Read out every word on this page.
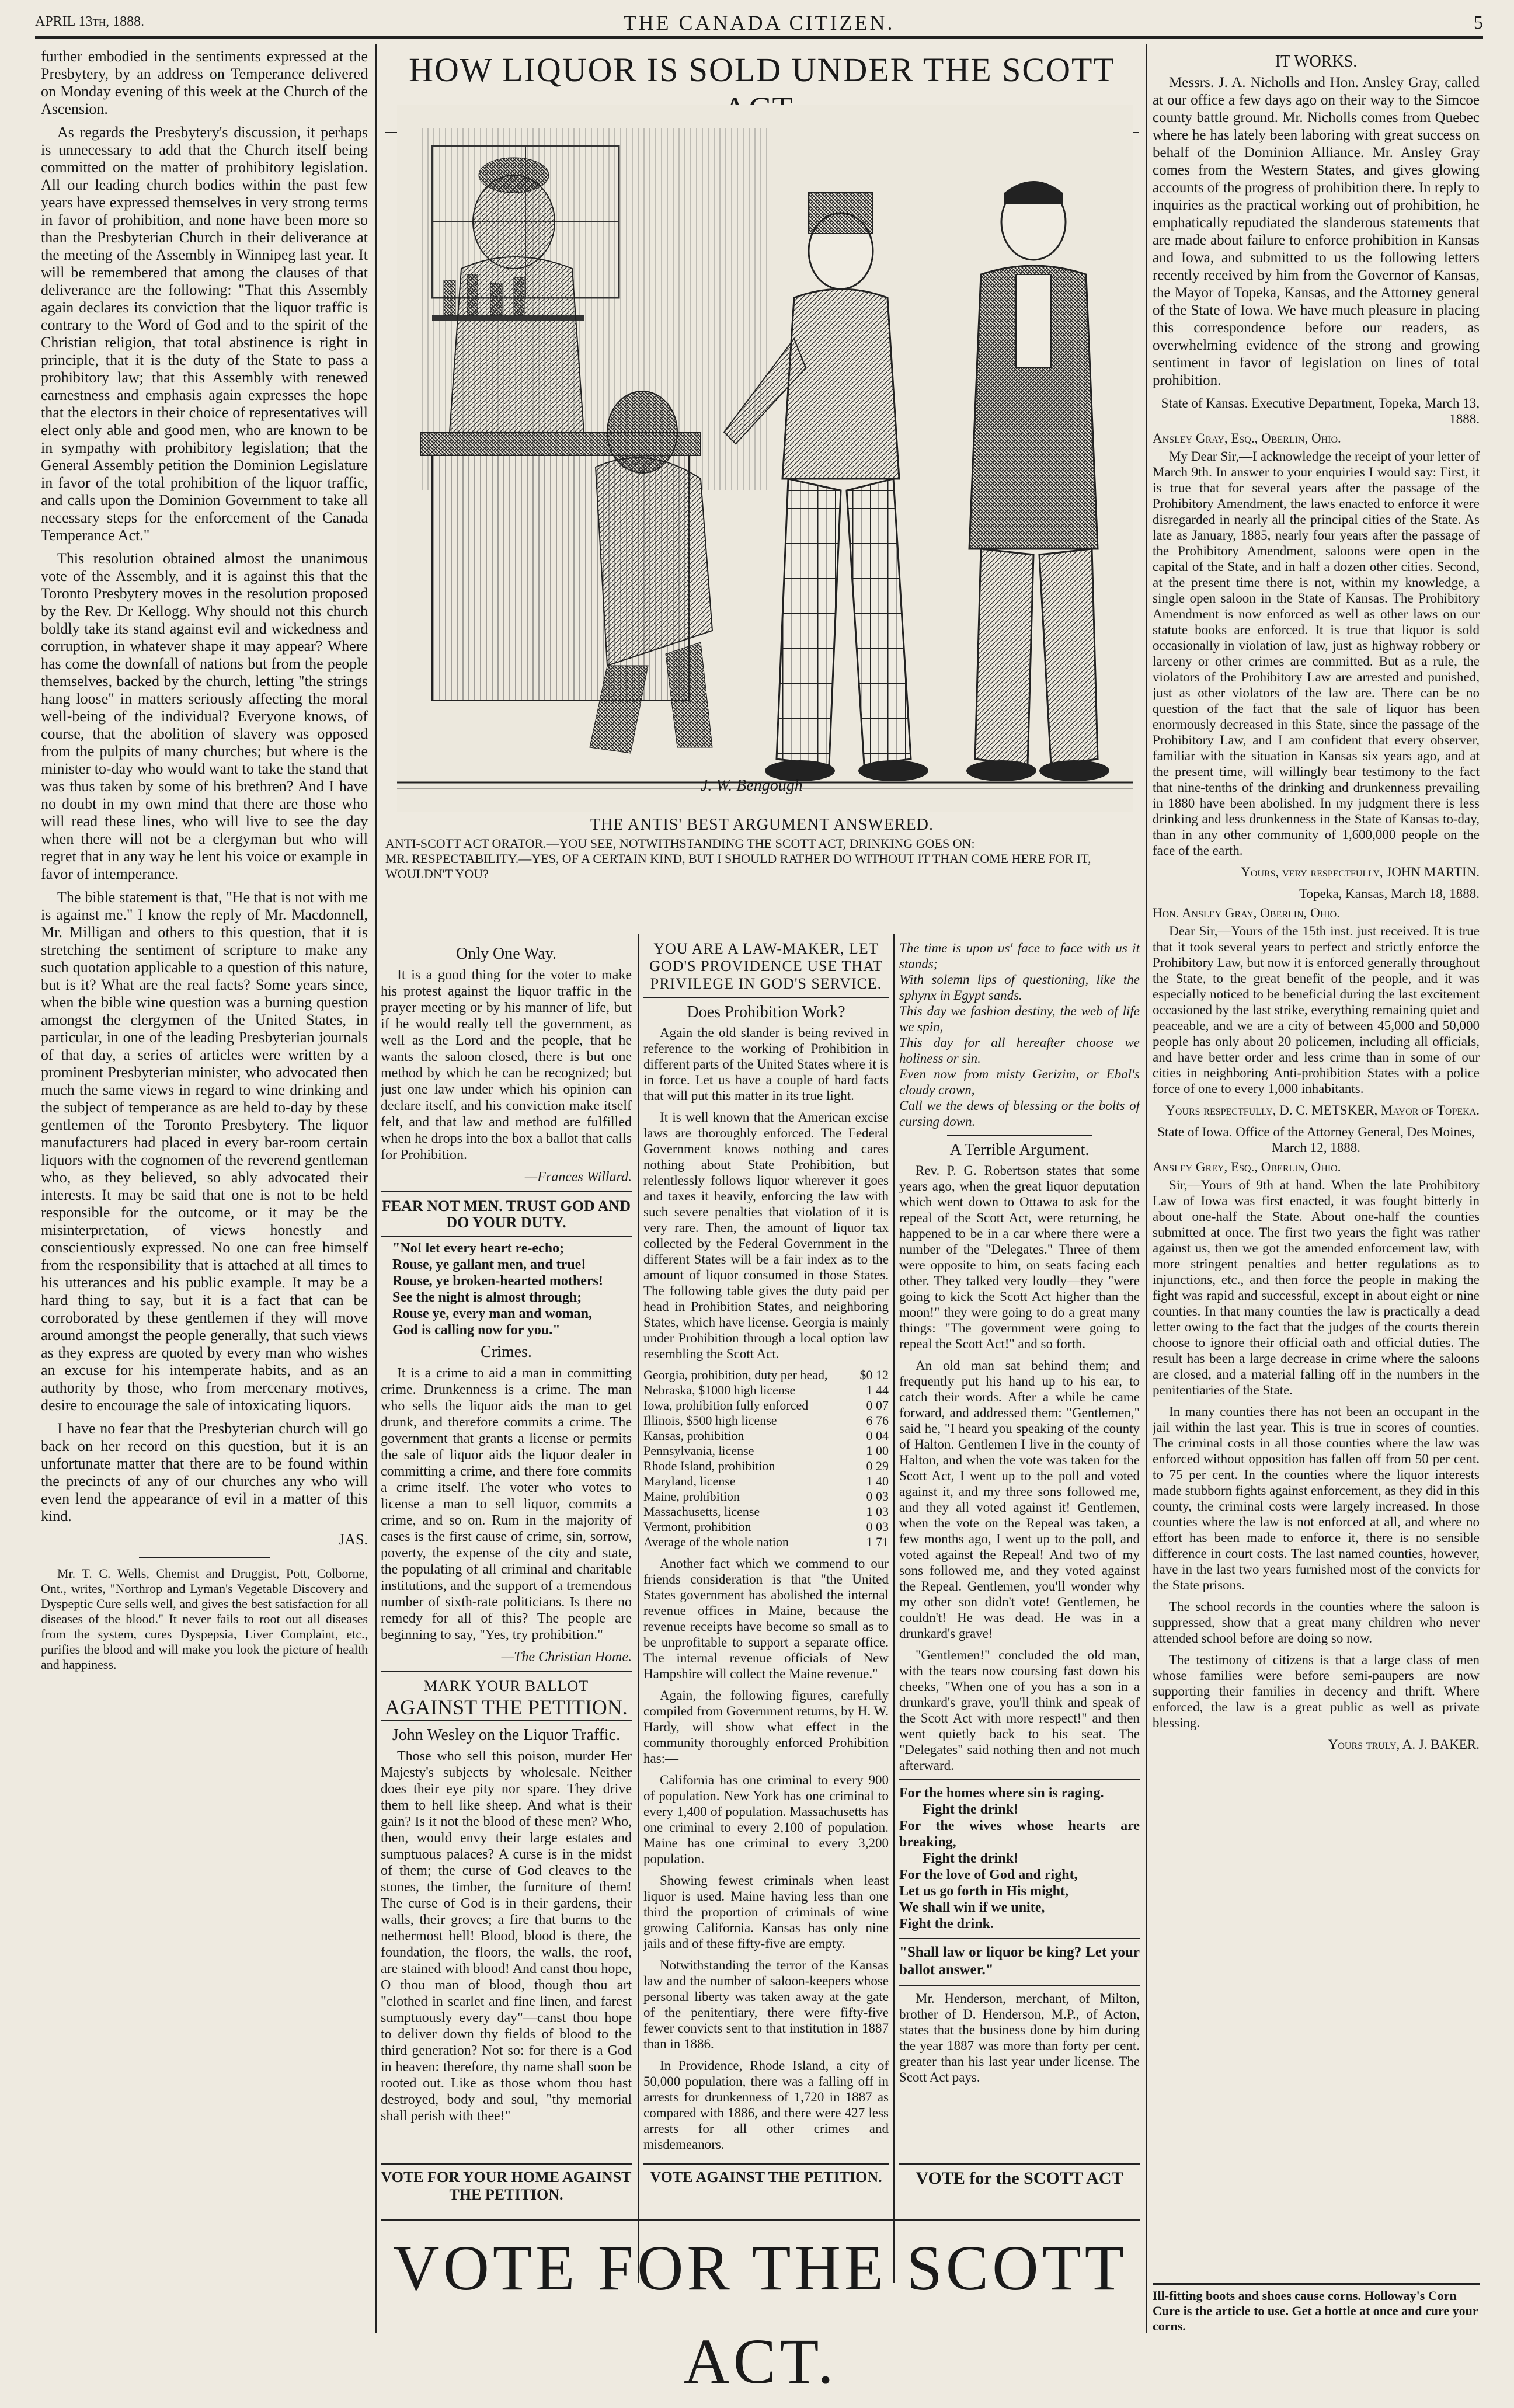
APRIL 13th, 1888.	THE CANADA CITIZEN.	5

further embodied in the sentiments expressed at the Presbytery, by an address on Temperance delivered on Monday evening of this week at the Church of the Ascension.

As regards the Presbytery's discussion, it perhaps is unnecessary to add that the Church itself being committed on the matter of prohibitory legislation. All our leading church bodies within the past few years have expressed themselves in very strong terms in favor of prohibition, and none have been more so than the Presbyterian Church in their deliverance at the meeting of the Assembly in Winnipeg last year. It will be remembered that among the clauses of that deliverance are the following: "That this Assembly again declares its conviction that the liquor traffic is contrary to the Word of God and to the spirit of the Christian religion, that total abstinence is right in principle, that it is the duty of the State to pass a prohibitory law; that this Assembly with renewed earnestness and emphasis again expresses the hope that the electors in their choice of representatives will elect only able and good men, who are known to be in sympathy with prohibitory legislation; that the General Assembly petition the Dominion Legislature in favor of the total prohibition of the liquor traffic, and calls upon the Dominion Government to take all necessary steps for the enforcement of the Canada Temperance Act."

This resolution obtained almost the unanimous vote of the Assembly, and it is against this that the Toronto Presbytery moves in the resolution proposed by the Rev. Dr Kellogg. Why should not this church boldly take its stand against evil and wickedness and corruption, in whatever shape it may appear? Where has come the downfall of nations but from the people themselves, backed by the church, letting "the strings hang loose" in matters seriously affecting the moral well-being of the individual? Everyone knows, of course, that the abolition of slavery was opposed from the pulpits of many churches; but where is the minister to-day who would want to take the stand that was thus taken by some of his brethren? And I have no doubt in my own mind that there are those who will read these lines, who will live to see the day when there will not be a clergyman but who will regret that in any way he lent his voice or example in favor of intemperance.

The bible statement is that, "He that is not with me is against me." I know the reply of Mr. Macdonnell, Mr. Milligan and others to this question, that it is stretching the sentiment of scripture to make any such quotation applicable to a question of this nature, but is it? What are the real facts? Some years since, when the bible wine question was a burning question amongst the clergymen of the United States, in particular, in one of the leading Presbyterian journals of that day, a series of articles were written by a prominent Presbyterian minister, who advocated then much the same views in regard to wine drinking and the subject of temperance as are held to-day by these gentlemen of the Toronto Presbytery. The liquor manufacturers had placed in every bar-room certain liquors with the cognomen of the reverend gentleman who, as they believed, so ably advocated their interests. It may be said that one is not to be held responsible for the outcome, or it may be the misinterpretation, of views honestly and conscientiously expressed. No one can free himself from the responsibility that is attached at all times to his utterances and his public example. It may be a hard thing to say, but it is a fact that can be corroborated by these gentlemen if they will move around amongst the people generally, that such views as they express are quoted by every man who wishes an excuse for his intemperate habits, and as an authority by those, who from mercenary motives, desire to encourage the sale of intoxicating liquors.

I have no fear that the Presbyterian church will go back on her record on this question, but it is an unfortunate matter that there are to be found within the precincts of any of our churches any who will even lend the appearance of evil in a matter of this kind.

JAS.

Mr. T. C. Wells, Chemist and Druggist, Pott, Colborne, Ont., writes, "Northrop and Lyman's Vegetable Discovery and Dyspeptic Cure sells well, and gives the best satisfaction for all diseases of the blood." It never fails to root out all diseases from the system, cures Dyspepsia, Liver Complaint, etc., purifies the blood and will make you look the picture of health and happiness.

HOW LIQUOR IS SOLD UNDER THE SCOTT
J. W. Bengough
THE ANTIS' BEST ARGUMENT ANSWERED.
ANTI-SCOTT ACT ORATOR.—YOU SEE, NOTWITHSTANDING THE SCOTT ACT, DRINKING GOES ON:
MR. RESPECTABILITY.—YES, OF A CERTAIN KIND, BUT I SHOULD RATHER DO WITHOUT IT THAN COME HERE FOR IT, WOULDN'T YOU?
Only One Way.

It is a good thing for the voter to make his protest against the liquor traffic in the prayer meeting or by his manner of life, but if he would really tell the government, as well as the Lord and the people, that he wants the saloon closed, there is but one method by which he can be recognized; but just one law under which his opinion can declare itself, and his conviction make itself felt, and that law and method are fulfilled when he drops into the box a ballot that calls for Prohibition.

—Frances Willard.
FEAR NOT MEN. TRUST GOD AND DO YOUR DUTY.
"No! let every heart re-echo;
Rouse, ye gallant men, and true!
Rouse, ye broken-hearted mothers!
See the night is almost through;
Rouse ye, every man and woman,
God is calling now for you."
Crimes.

It is a crime to aid a man in committing crime. Drunkenness is a crime. The man who sells the liquor aids the man to get drunk, and therefore commits a crime. The government that grants a license or permits the sale of liquor aids the liquor dealer in committing a crime, and there fore commits a crime itself. The voter who votes to license a man to sell liquor, commits a crime, and so on. Rum in the majority of cases is the first cause of crime, sin, sorrow, poverty, the expense of the city and state, the populating of all criminal and charitable institutions, and the support of a tremendous number of sixth-rate politicians. Is there no remedy for all of this? The people are beginning to say, "Yes, try prohibition."

—The Christian Home.
MARK YOUR BALLOT
AGAINST THE PETITION.
John Wesley on the Liquor Traffic.

Those who sell this poison, murder Her Majesty's subjects by wholesale. Neither does their eye pity nor spare. They drive them to hell like sheep. And what is their gain? Is it not the blood of these men? Who, then, would envy their large estates and sumptuous palaces? A curse is in the midst of them; the curse of God cleaves to the stones, the timber, the furniture of them! The curse of God is in their gardens, their walls, their groves; a fire that burns to the nethermost hell! Blood, blood is there, the foundation, the floors, the walls, the roof, are stained with blood! And canst thou hope, O thou man of blood, though thou art "clothed in scarlet and fine linen, and farest sumptuously every day"—canst thou hope to deliver down thy fields of blood to the third generation? Not so: for there is a God in heaven: therefore, thy name shall soon be rooted out. Like as those whom thou hast destroyed, body and soul, "thy memorial shall perish with thee!"

VOTE FOR YOUR HOME AGAINST THE PETITION.
YOU ARE A LAW-MAKER, LET GOD'S PROVIDENCE USE THAT PRIVILEGE IN GOD'S SERVICE.
Does Prohibition Work?

Again the old slander is being revived in reference to the working of Prohibition in different parts of the United States where it is in force. Let us have a couple of hard facts that will put this matter in its true light.

It is well known that the American excise laws are thoroughly enforced. The Federal Government knows nothing and cares nothing about State Prohibition, but relentlessly follows liquor wherever it goes and taxes it heavily, enforcing the law with such severe penalties that violation of it is very rare. Then, the amount of liquor tax collected by the Federal Government in the different States will be a fair index as to the amount of liquor consumed in those States. The following table gives the duty paid per head in Prohibition States, and neighboring States, which have license. Georgia is mainly under Prohibition through a local option law resembling the Scott Act.

Georgia, prohibition, duty per head,	$0 12
Nebraska, $1000 high license	1 44
Iowa, prohibition fully enforced	0 07
Illinois, $500 high license	6 76
Kansas, prohibition	0 04
Pennsylvania, license	1 00
Rhode Island, prohibition	0 29
Maryland, license	1 40
Maine, prohibition	0 03
Massachusetts, license	1 03
Vermont, prohibition	0 03
Average of the whole nation	1 71

Another fact which we commend to our friends consideration is that "the United States government has abolished the internal revenue offices in Maine, because the revenue receipts have become so small as to be unprofitable to support a separate office. The internal revenue officials of New Hampshire will collect the Maine revenue."

Again, the following figures, carefully compiled from Government returns, by H. W. Hardy, will show what effect in the community thoroughly enforced Prohibition has:—

California has one criminal to every 900 of population. New York has one criminal to every 1,400 of population. Massachusetts has one criminal to every 2,100 of population. Maine has one criminal to every 3,200 population.

Showing fewest criminals when least liquor is used. Maine having less than one third the proportion of criminals of wine growing California. Kansas has only nine jails and of these fifty-five are empty.

Notwithstanding the terror of the Kansas law and the number of saloon-keepers whose personal liberty was taken away at the gate of the penitentiary, there were fifty-five fewer convicts sent to that institution in 1887 than in 1886.

In Providence, Rhode Island, a city of 50,000 population, there was a falling off in arrests for drunkenness of 1,720 in 1887 as compared with 1886, and there were 427 less arrests for all other crimes and misdemeanors.

VOTE AGAINST THE PETITION.
The time is upon us' face to face with us it stands;
With solemn lips of questioning, like the sphynx in Egypt sands.
This day we fashion destiny, the web of life we spin,
This day for all hereafter choose we holiness or sin.
Even now from misty Gerizim, or Ebal's cloudy crown,
Call we the dews of blessing or the bolts of cursing down.
A Terrible Argument.

Rev. P. G. Robertson states that some years ago, when the great liquor deputation which went down to Ottawa to ask for the repeal of the Scott Act, were returning, he happened to be in a car where there were a number of the "Delegates." Three of them were opposite to him, on seats facing each other. They talked very loudly—they "were going to kick the Scott Act higher than the moon!" they were going to do a great many things: "The government were going to repeal the Scott Act!" and so forth.

An old man sat behind them; and frequently put his hand up to his ear, to catch their words. After a while he came forward, and addressed them: "Gentlemen," said he, "I heard you speaking of the county of Halton. Gentlemen I live in the county of Halton, and when the vote was taken for the Scott Act, I went up to the poll and voted against it, and my three sons followed me, and they all voted against it! Gentlemen, when the vote on the Repeal was taken, a few months ago, I went up to the poll, and voted against the Repeal! And two of my sons followed me, and they voted against the Repeal. Gentlemen, you'll wonder why my other son didn't vote! Gentlemen, he couldn't! He was dead. He was in a drunkard's grave!

"Gentlemen!" concluded the old man, with the tears now coursing fast down his cheeks, "When one of you has a son in a drunkard's grave, you'll think and speak of the Scott Act with more respect!" and then went quietly back to his seat. The "Delegates" said nothing then and not much afterward.

For the homes where sin is raging.
Fight the drink!
For the wives whose hearts are breaking,
Fight the drink!
For the love of God and right,
Let us go forth in His might,
We shall win if we unite,
Fight the drink.
"Shall law or liquor be king? Let your ballot answer."

Mr. Henderson, merchant, of Milton, brother of D. Henderson, M.P., of Acton, states that the business done by him during the year 1887 was more than forty per cent. greater than his last year under license. The Scott Act pays.

VOTE for the SCOTT ACT
VOTE FOR THE SCOTT ACT.
IT WORKS.

Messrs. J. A. Nicholls and Hon. Ansley Gray, called at our office a few days ago on their way to the Simcoe county battle ground. Mr. Nicholls comes from Quebec where he has lately been laboring with great success on behalf of the Dominion Alliance. Mr. Ansley Gray comes from the Western States, and gives glowing accounts of the progress of prohibition there. In reply to inquiries as the practical working out of prohibition, he emphatically repudiated the slanderous statements that are made about failure to enforce prohibition in Kansas and Iowa, and submitted to us the following letters recently received by him from the Governor of Kansas, the Mayor of Topeka, Kansas, and the Attorney general of the State of Iowa. We have much pleasure in placing this correspondence before our readers, as overwhelming evidence of the strong and growing sentiment in favor of legislation on lines of total prohibition.

State of Kansas. Executive Department, Topeka, March 13, 1888.
Ansley Gray, Esq., Oberlin, Ohio.

My Dear Sir,—I acknowledge the receipt of your letter of March 9th. In answer to your enquiries I would say: First, it is true that for several years after the passage of the Prohibitory Amendment, the laws enacted to enforce it were disregarded in nearly all the principal cities of the State. As late as January, 1885, nearly four years after the passage of the Prohibitory Amendment, saloons were open in the capital of the State, and in half a dozen other cities. Second, at the present time there is not, within my knowledge, a single open saloon in the State of Kansas. The Prohibitory Amendment is now enforced as well as other laws on our statute books are enforced. It is true that liquor is sold occasionally in violation of law, just as highway robbery or larceny or other crimes are committed. But as a rule, the violators of the Prohibitory Law are arrested and punished, just as other violators of the law are. There can be no question of the fact that the sale of liquor has been enormously decreased in this State, since the passage of the Prohibitory Law, and I am confident that every observer, familiar with the situation in Kansas six years ago, and at the present time, will willingly bear testimony to the fact that nine-tenths of the drinking and drunkenness prevailing in 1880 have been abolished. In my judgment there is less drinking and less drunkenness in the State of Kansas to-day, than in any other community of 1,600,000 people on the face of the earth.

Yours, very respectfully, JOHN MARTIN.
Topeka, Kansas, March 18, 1888.
Hon. Ansley Gray, Oberlin, Ohio.

Dear Sir,—Yours of the 15th inst. just received. It is true that it took several years to perfect and strictly enforce the Prohibitory Law, but now it is enforced generally throughout the State, to the great benefit of the people, and it was especially noticed to be beneficial during the last excitement occasioned by the last strike, everything remaining quiet and peaceable, and we are a city of between 45,000 and 50,000 people has only about 20 policemen, including all officials, and have better order and less crime than in some of our cities in neighboring Anti-prohibition States with a police force of one to every 1,000 inhabitants.

Yours respectfully, D. C. METSKER, Mayor of Topeka.
State of Iowa. Office of the Attorney General, Des Moines, March 12, 1888.
Ansley Grey, Esq., Oberlin, Ohio.

Sir,—Yours of 9th at hand. When the late Prohibitory Law of Iowa was first enacted, it was fought bitterly in about one-half the State. About one-half the counties submitted at once. The first two years the fight was rather against us, then we got the amended enforcement law, with more stringent penalties and better regulations as to injunctions, etc., and then force the people in making the fight was rapid and successful, except in about eight or nine counties. In that many counties the law is practically a dead letter owing to the fact that the judges of the courts therein choose to ignore their official oath and official duties. The result has been a large decrease in crime where the saloons are closed, and a material falling off in the numbers in the penitentiaries of the State.

In many counties there has not been an occupant in the jail within the last year. This is true in scores of counties. The criminal costs in all those counties where the law was enforced without opposition has fallen off from 50 per cent. to 75 per cent. In the counties where the liquor interests made stubborn fights against enforcement, as they did in this county, the criminal costs were largely increased. In those counties where the law is not enforced at all, and where no effort has been made to enforce it, there is no sensible difference in court costs. The last named counties, however, have in the last two years furnished most of the convicts for the State prisons.

The school records in the counties where the saloon is suppressed, show that a great many children who never attended school before are doing so now.

The testimony of citizens is that a large class of men whose families were before semi-paupers are now supporting their families in decency and thrift. Where enforced, the law is a great public as well as private blessing.

Yours truly, A. J. BAKER.
Ill-fitting boots and shoes cause corns. Holloway's Corn Cure is the article to use. Get a bottle at once and cure your corns.
